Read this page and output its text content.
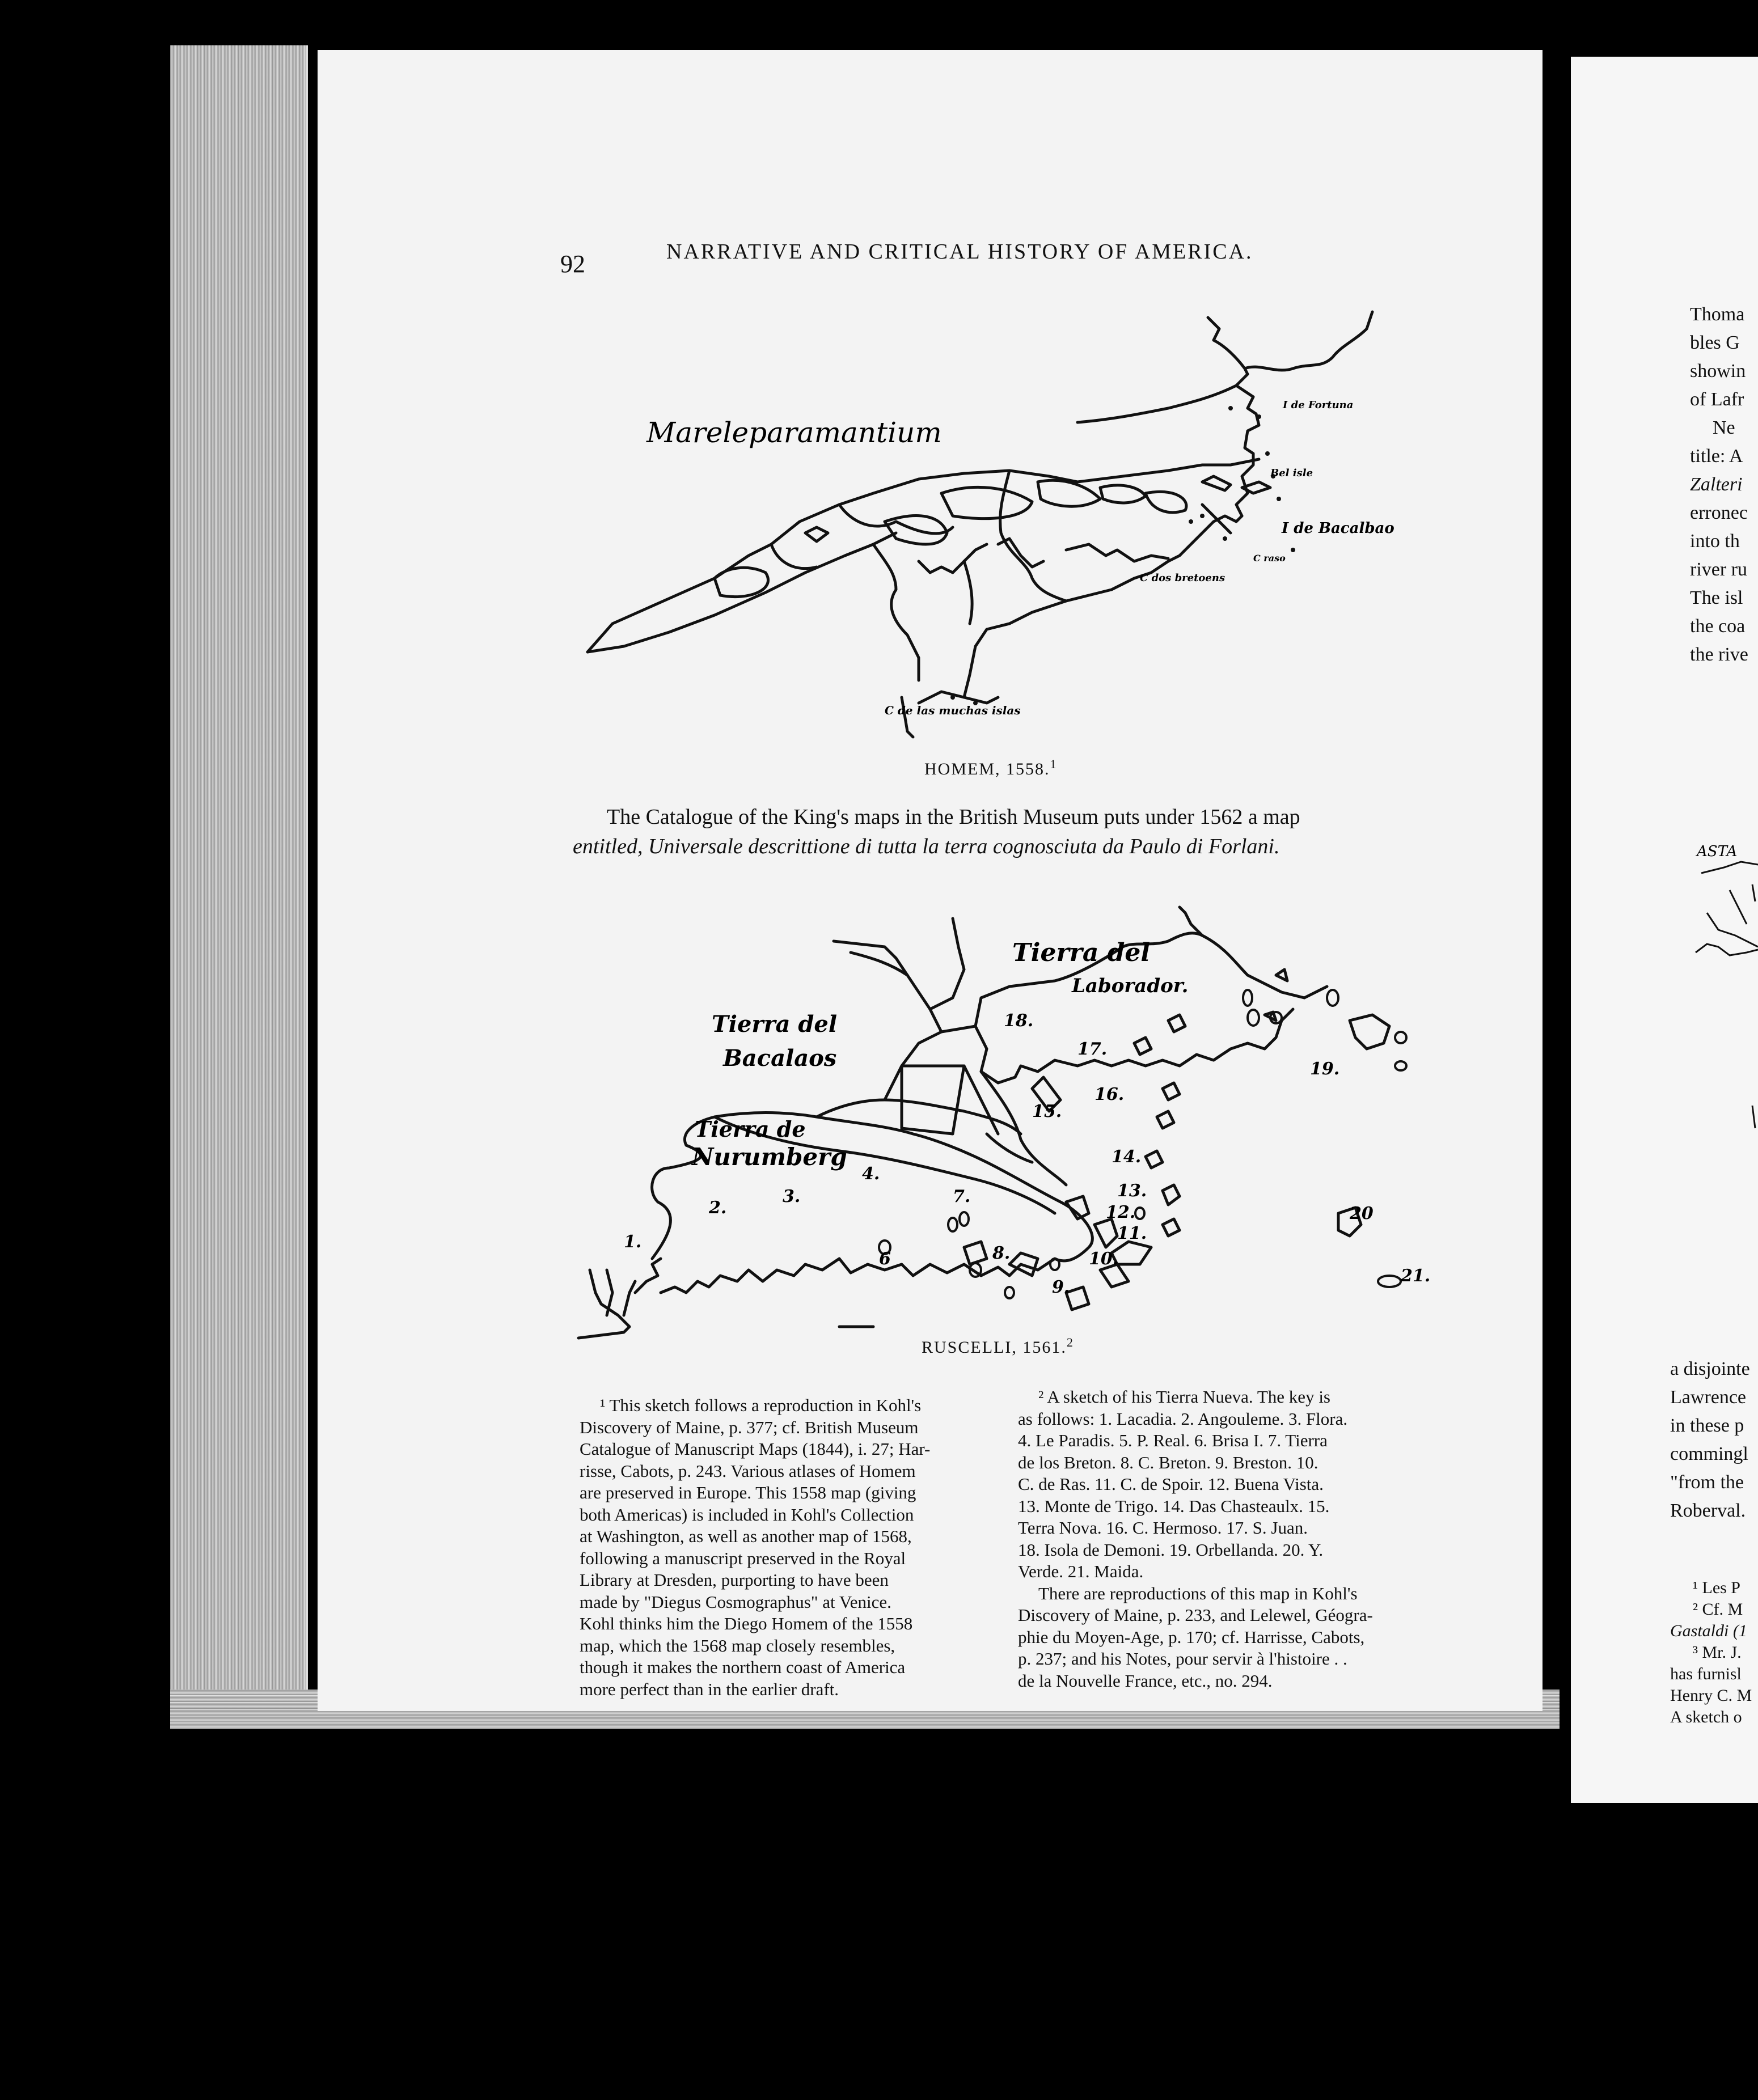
92	NARRATIVE AND CRITICAL HISTORY OF AMERICA.
Mareleparamantium
I de Fortuna
Bel isle
I de Bacalbao
C raso
C dos bretoens
C de las muchas islas
HOMEM, 1558.$^1$
The Catalogue of the King's maps in the British Museum puts under 1562 a map
entitled, Universale descrittione di tutta la terra cognosciuta da Paulo di Forlani.
Tierra del
Laborador.
Tierra del
Bacalaos
Tierra de
Nurumberg
1.
2.
3.
4.
6
7.
8.
9.
10.
11.
12.
13.
14.
15.
16.
17.
18.
19.
20
21.
RUSCELLI, 1561.$^2$

¹ This sketch follows a reproduction in Kohl's

Discovery of Maine, p. 377; cf. British Museum

Catalogue of Manuscript Maps (1844), i. 27; Har-

risse, Cabots, p. 243. Various atlases of Homem

are preserved in Europe. This 1558 map (giving

both Americas) is included in Kohl's Collection

at Washington, as well as another map of 1568,

following a manuscript preserved in the Royal

Library at Dresden, purporting to have been

made by "Diegus Cosmographus" at Venice.

Kohl thinks him the Diego Homem of the 1558

map, which the 1568 map closely resembles,

though it makes the northern coast of America

more perfect than in the earlier draft.

² A sketch of his Tierra Nueva. The key is

as follows: 1. Lacadia. 2. Angouleme. 3. Flora.

4. Le Paradis. 5. P. Real. 6. Brisa I. 7. Tierra

de los Breton. 8. C. Breton. 9. Breston. 10.

C. de Ras. 11. C. de Spoir. 12. Buena Vista.

13. Monte de Trigo. 14. Das Chasteaulx. 15.

Terra Nova. 16. C. Hermoso. 17. S. Juan.

18. Isola de Demoni. 19. Orbellanda. 20. Y.

Verde. 21. Maida.

There are reproductions of this map in Kohl's

Discovery of Maine, p. 233, and Lelewel, Géogra-

phie du Moyen-Age, p. 170; cf. Harrisse, Cabots,

p. 237; and his Notes, pour servir à l'histoire . .

de la Nouvelle France, etc., no. 294.

Thoma
bles G
showin
of Lafr
Ne
title: A
Zalteri
erronec
into th
river ru
The isl
the coa
the rive
ASTA
a disjointe
Lawrence
in these p
commingl
"from the
Roberval.
¹ Les P
² Cf. M
Gastaldi (1
³ Mr. J.
has furnisl
Henry C. M
A sketch o
